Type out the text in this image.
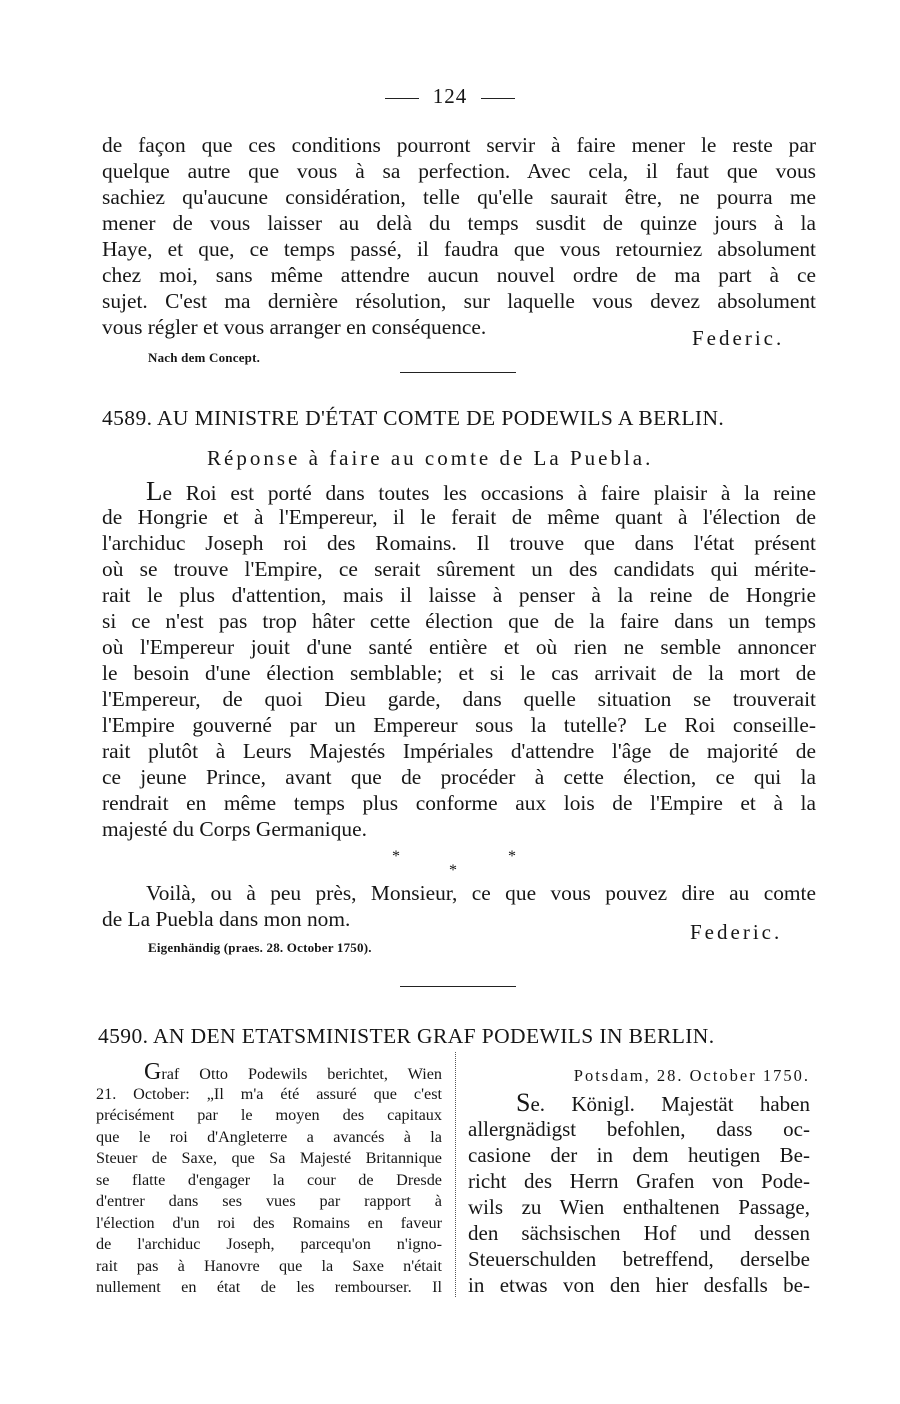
124
de façon que ces conditions pourront servir à faire mener le reste par
quelque autre que vous à sa perfection. Avec cela, il faut que vous
sachiez qu'aucune considération, telle qu'elle saurait être, ne pourra me
mener de vous laisser au delà du temps susdit de quinze jours à la
Haye, et que, ce temps passé, il faudra que vous retourniez absolument
chez moi, sans même attendre aucun nouvel ordre de ma part à ce
sujet. C'est ma dernière résolution, sur laquelle vous devez absolument
vous régler et vous arranger en conséquence.	Federic.
Nach dem Concept.
4589. AU MINISTRE D'ÉTAT COMTE DE PODEWILS A BERLIN.
Réponse à faire au comte de La Puebla.
Le Roi est porté dans toutes les occasions à faire plaisir à la reine
de Hongrie et à l'Empereur, il le ferait de même quant à l'élection de
l'archiduc Joseph roi des Romains. Il trouve que dans l'état présent
où se trouve l'Empire, ce serait sûrement un des candidats qui mérite-
rait le plus d'attention, mais il laisse à penser à la reine de Hongrie
si ce n'est pas trop hâter cette élection que de la faire dans un temps
où l'Empereur jouit d'une santé entière et où rien ne semble annoncer
le besoin d'une élection semblable; et si le cas arrivait de la mort de
l'Empereur, de quoi Dieu garde, dans quelle situation se trouverait
l'Empire gouverné par un Empereur sous la tutelle? Le Roi conseille-
rait plutôt à Leurs Majestés Impériales d'attendre l'âge de majorité de
ce jeune Prince, avant que de procéder à cette élection, ce qui la
rendrait en même temps plus conforme aux lois de l'Empire et à la
majesté du Corps Germanique.
*	*
*
Voilà, ou à peu près, Monsieur, ce que vous pouvez dire au comte
de La Puebla dans mon nom.
Federic.
Eigenhändig (praes. 28. October 1750).
4590. AN DEN ETATSMINISTER GRAF PODEWILS IN BERLIN.
Graf Otto Podewils berichtet, Wien
21. October: „Il m'a été assuré que c'est
précisément par le moyen des capitaux
que le roi d'Angleterre a avancés à la
Steuer de Saxe, que Sa Majesté Britannique
se flatte d'engager la cour de Dresde
d'entrer dans ses vues par rapport à
l'élection d'un roi des Romains en faveur
de l'archiduc Joseph, parcequ'on n'igno-
rait pas à Hanovre que la Saxe n'était
nullement en état de les rembourser. Il
Potsdam, 28. October 1750.
Se. Königl. Majestät haben
allergnädigst befohlen, dass oc-
casione der in dem heutigen Be-
richt des Herrn Grafen von Pode-
wils zu Wien enthaltenen Passage,
den sächsischen Hof und dessen
Steuerschulden betreffend, derselbe
in etwas von den hier desfalls be-
